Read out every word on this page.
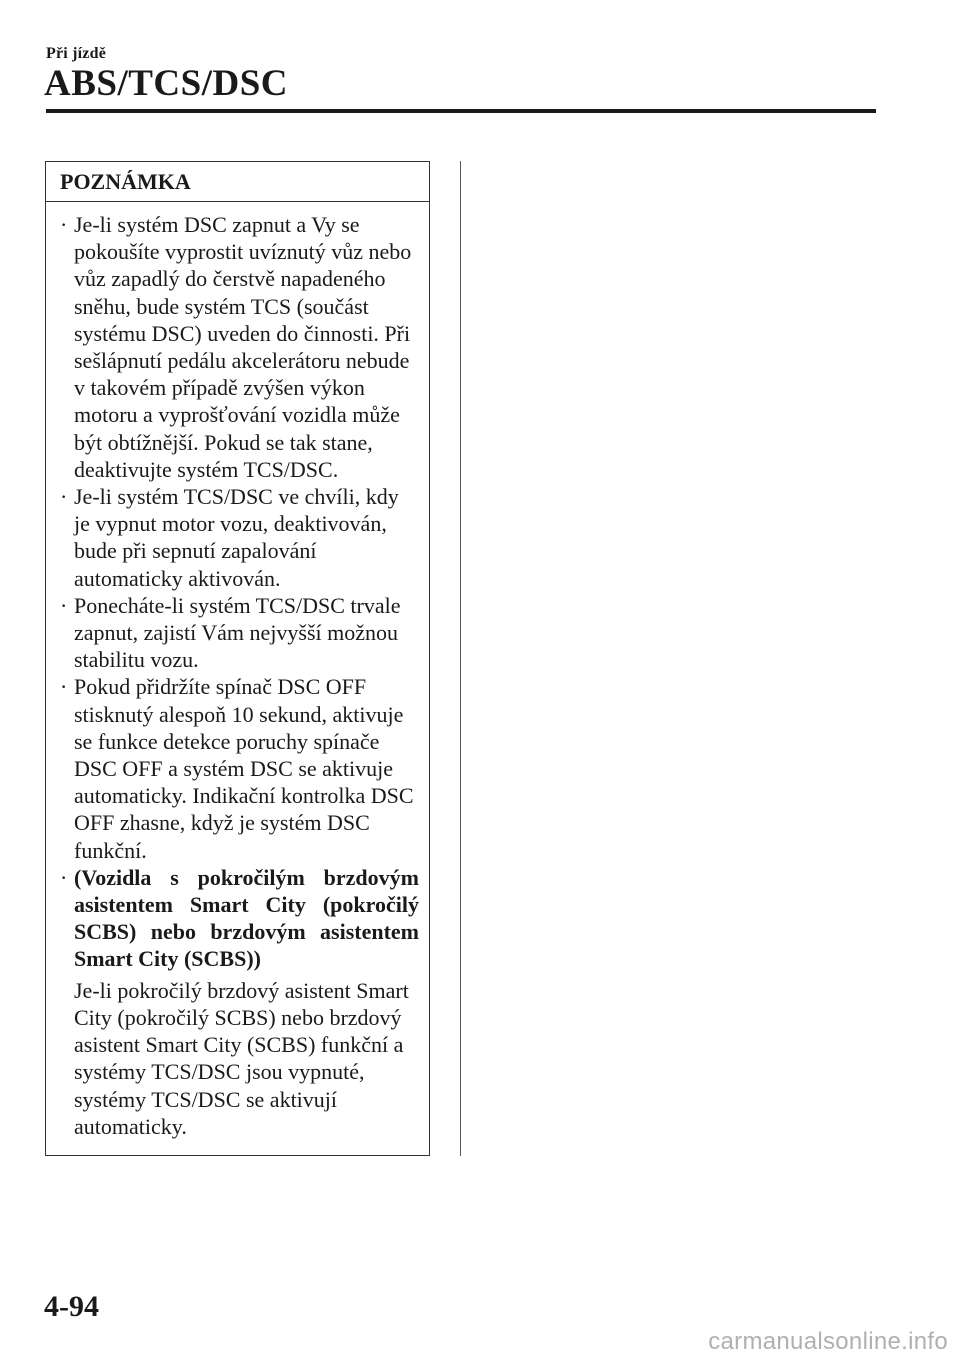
Při jízdě
ABS/TCS/DSC
POZNÁMKA
· Je-li systém DSC zapnut a Vy se pokoušíte vyprostit uvíznutý vůz nebo vůz zapadlý do čerstvě napadeného sněhu, bude systém TCS (součást systému DSC) uveden do činnosti. Při sešlápnutí pedálu akcelerátoru nebude v takovém případě zvýšen výkon motoru a vyprošťování vozidla může být obtížnější. Pokud se tak stane, deaktivujte systém TCS/DSC.
· Je-li systém TCS/DSC ve chvíli, kdy je vypnut motor vozu, deaktivován, bude při sepnutí zapalování automaticky aktivován.
· Ponecháte-li systém TCS/DSC trvale zapnut, zajistí Vám nejvyšší možnou stabilitu vozu.
· Pokud přidržíte spínač DSC OFF stisknutý alespoň 10 sekund, aktivuje se funkce detekce poruchy spínače DSC OFF a systém DSC se aktivuje automaticky. Indikační kontrolka DSC OFF zhasne, když je systém DSC funkční.
· (Vozidla s pokročilým brzdovým asistentem Smart City (pokročilý SCBS) nebo brzdovým asistentem Smart City (SCBS))
Je-li pokročilý brzdový asistent Smart City (pokročilý SCBS) nebo brzdový asistent Smart City (SCBS) funkční a systémy TCS/DSC jsou vypnuté, systémy TCS/DSC se aktivují automaticky.
4-94
carmanualsonline.info
